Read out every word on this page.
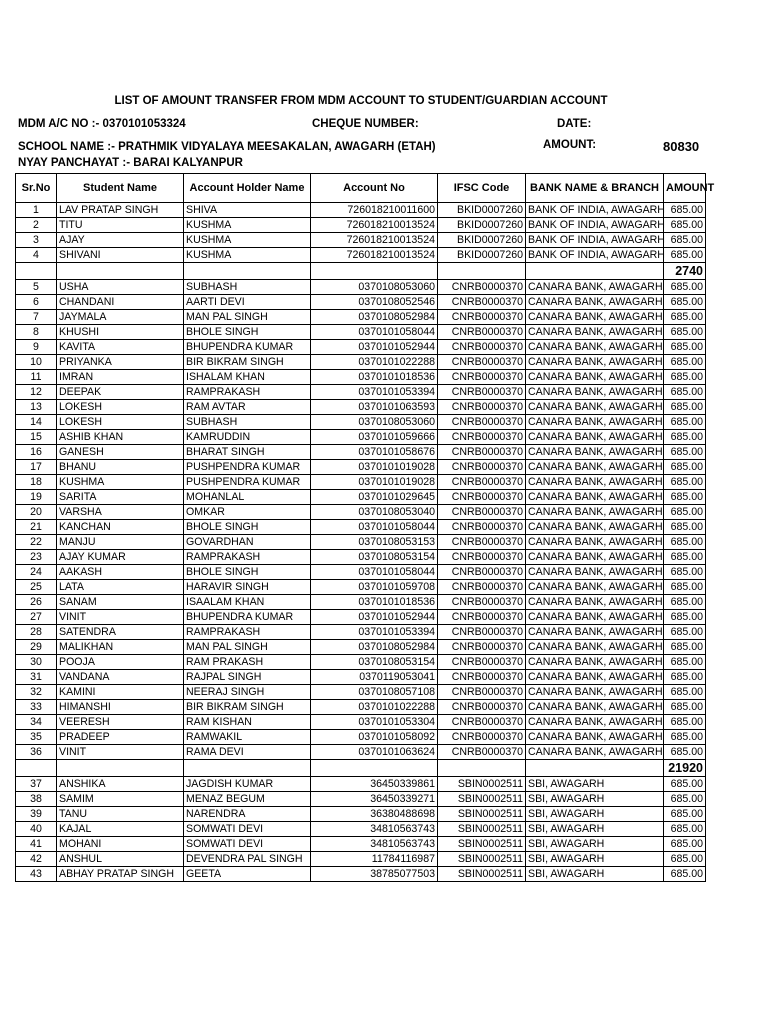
LIST OF AMOUNT TRANSFER FROM MDM ACCOUNT TO STUDENT/GUARDIAN ACCOUNT
MDM A/C NO :- 0370101053324	CHEQUE NUMBER:	DATE:
SCHOOL NAME :- PRATHMIK VIDYALAYA MEESAKALAN, AWAGARH (ETAH)	AMOUNT:	80830
NYAY PANCHAYAT :- BARAI KALYANPUR
Sr.No	Student Name	Account Holder Name	Account No	IFSC Code	BANK NAME & BRANCH	AMOUNT
1	LAV PRATAP SINGH	SHIVA	726018210011600	BKID0007260	BANK OF INDIA, AWAGARH	685.00
2	TITU	KUSHMA	726018210013524	BKID0007260	BANK OF INDIA, AWAGARH	685.00
3	AJAY	KUSHMA	726018210013524	BKID0007260	BANK OF INDIA, AWAGARH	685.00
4	SHIVANI	KUSHMA	726018210013524	BKID0007260	BANK OF INDIA, AWAGARH	685.00
						2740
5	USHA	SUBHASH	0370108053060	CNRB0000370	CANARA BANK, AWAGARH	685.00
6	CHANDANI	AARTI DEVI	0370108052546	CNRB0000370	CANARA BANK, AWAGARH	685.00
7	JAYMALA	MAN PAL SINGH	0370108052984	CNRB0000370	CANARA BANK, AWAGARH	685.00
8	KHUSHI	BHOLE SINGH	0370101058044	CNRB0000370	CANARA BANK, AWAGARH	685.00
9	KAVITA	BHUPENDRA KUMAR	0370101052944	CNRB0000370	CANARA BANK, AWAGARH	685.00
10	PRIYANKA	BIR BIKRAM SINGH	0370101022288	CNRB0000370	CANARA BANK, AWAGARH	685.00
11	IMRAN	ISHALAM KHAN	0370101018536	CNRB0000370	CANARA BANK, AWAGARH	685.00
12	DEEPAK	RAMPRAKASH	0370101053394	CNRB0000370	CANARA BANK, AWAGARH	685.00
13	LOKESH	RAM AVTAR	0370101063593	CNRB0000370	CANARA BANK, AWAGARH	685.00
14	LOKESH	SUBHASH	0370108053060	CNRB0000370	CANARA BANK, AWAGARH	685.00
15	ASHIB KHAN	KAMRUDDIN	0370101059666	CNRB0000370	CANARA BANK, AWAGARH	685.00
16	GANESH	BHARAT SINGH	0370101058676	CNRB0000370	CANARA BANK, AWAGARH	685.00
17	BHANU	PUSHPENDRA KUMAR	0370101019028	CNRB0000370	CANARA BANK, AWAGARH	685.00
18	KUSHMA	PUSHPENDRA KUMAR	0370101019028	CNRB0000370	CANARA BANK, AWAGARH	685.00
19	SARITA	MOHANLAL	0370101029645	CNRB0000370	CANARA BANK, AWAGARH	685.00
20	VARSHA	OMKAR	0370108053040	CNRB0000370	CANARA BANK, AWAGARH	685.00
21	KANCHAN	BHOLE SINGH	0370101058044	CNRB0000370	CANARA BANK, AWAGARH	685.00
22	MANJU	GOVARDHAN	0370108053153	CNRB0000370	CANARA BANK, AWAGARH	685.00
23	AJAY KUMAR	RAMPRAKASH	0370108053154	CNRB0000370	CANARA BANK, AWAGARH	685.00
24	AAKASH	BHOLE SINGH	0370101058044	CNRB0000370	CANARA BANK, AWAGARH	685.00
25	LATA	HARAVIR SINGH	0370101059708	CNRB0000370	CANARA BANK, AWAGARH	685.00
26	SANAM	ISAALAM KHAN	0370101018536	CNRB0000370	CANARA BANK, AWAGARH	685.00
27	VINIT	BHUPENDRA KUMAR	0370101052944	CNRB0000370	CANARA BANK, AWAGARH	685.00
28	SATENDRA	RAMPRAKASH	0370101053394	CNRB0000370	CANARA BANK, AWAGARH	685.00
29	MALIKHAN	MAN PAL SINGH	0370108052984	CNRB0000370	CANARA BANK, AWAGARH	685.00
30	POOJA	RAM PRAKASH	0370108053154	CNRB0000370	CANARA BANK, AWAGARH	685.00
31	VANDANA	RAJPAL SINGH	0370119053041	CNRB0000370	CANARA BANK, AWAGARH	685.00
32	KAMINI	NEERAJ SINGH	0370108057108	CNRB0000370	CANARA BANK, AWAGARH	685.00
33	HIMANSHI	BIR BIKRAM SINGH	0370101022288	CNRB0000370	CANARA BANK, AWAGARH	685.00
34	VEERESH	RAM KISHAN	0370101053304	CNRB0000370	CANARA BANK, AWAGARH	685.00
35	PRADEEP	RAMWAKIL	0370101058092	CNRB0000370	CANARA BANK, AWAGARH	685.00
36	VINIT	RAMA DEVI	0370101063624	CNRB0000370	CANARA BANK, AWAGARH	685.00
						21920
37	ANSHIKA	JAGDISH KUMAR	36450339861	SBIN0002511	SBI, AWAGARH	685.00
38	SAMIM	MENAZ BEGUM	36450339271	SBIN0002511	SBI, AWAGARH	685.00
39	TANU	NARENDRA	36380488698	SBIN0002511	SBI, AWAGARH	685.00
40	KAJAL	SOMWATI DEVI	34810563743	SBIN0002511	SBI, AWAGARH	685.00
41	MOHANI	SOMWATI DEVI	34810563743	SBIN0002511	SBI, AWAGARH	685.00
42	ANSHUL	DEVENDRA PAL SINGH	11784116987	SBIN0002511	SBI, AWAGARH	685.00
43	ABHAY PRATAP SINGH	GEETA	38785077503	SBIN0002511	SBI, AWAGARH	685.00
